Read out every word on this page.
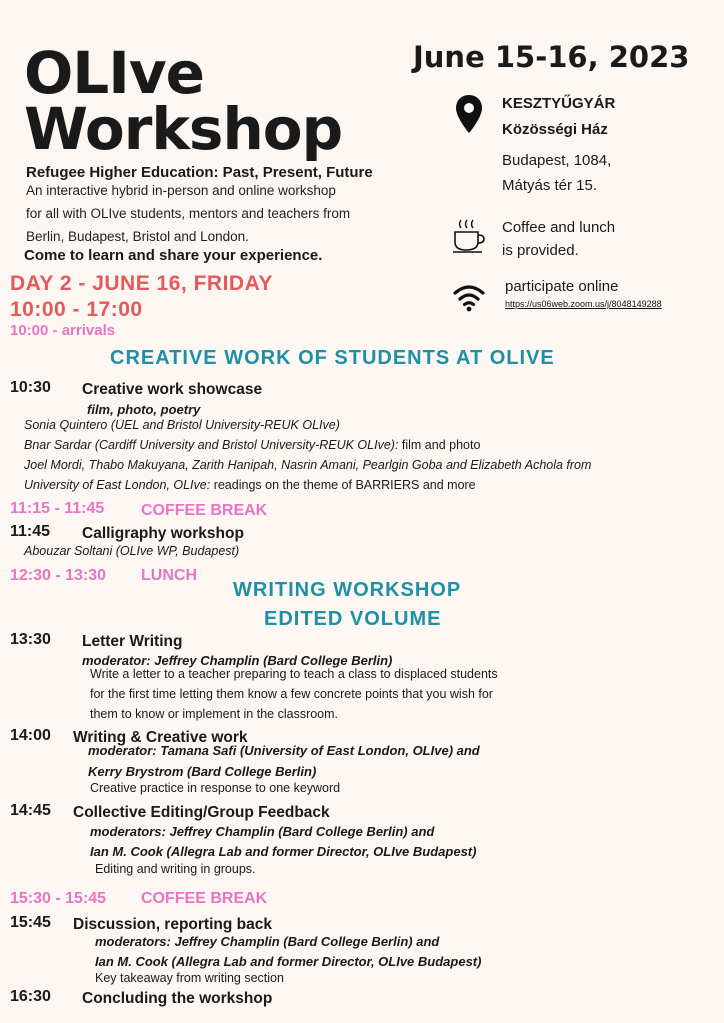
OLIve
Workshop
June 15-16, 2023
Refugee Higher Education: Past, Present, Future
An interactive hybrid in-person and online workshop
for all with OLIve students, mentors and teachers from
Berlin, Budapest, Bristol and London.
Come to learn and share your experience.
KESZTYŰGYÁR
Közösségi Ház
Budapest, 1084,
Mátyás tér 15.
Coffee and lunch
is provided.
participate online
https://us06web.zoom.us/j/8048149288
DAY 2 - JUNE 16, FRIDAY
10:00 - 17:00
10:00 - arrivals
CREATIVE WORK OF STUDENTS AT OLIVE
10:30 Creative work showcase
film, photo, poetry
Sonia Quintero (UEL and Bristol University-REUK OLIve)
Bnar Sardar (Cardiff University and Bristol University-REUK OLIve): film and photo
Joel Mordi, Thabo Makuyana, Zarith Hanipah, Nasrin Amani, Pearlgin Goba and Elizabeth Achola from
University of East London, OLIve: readings on the theme of BARRIERS and more
11:15 - 11:45 COFFEE BREAK
11:45 Calligraphy workshop
Abouzar Soltani (OLIve WP, Budapest)
12:30 - 13:30 LUNCH
WRITING WORKSHOP
EDITED VOLUME
13:30 Letter Writing
moderator: Jeffrey Champlin (Bard College Berlin)
Write a letter to a teacher preparing to teach a class to displaced students
for the first time letting them know a few concrete points that you wish for
them to know or implement in the classroom.
14:00 Writing & Creative work
moderator: Tamana Safi (University of East London, OLIve) and
Kerry Brystrom (Bard College Berlin)
Creative practice in response to one keyword
14:45 Collective Editing/Group Feedback
moderators: Jeffrey Champlin (Bard College Berlin) and
Ian M. Cook (Allegra Lab and former Director, OLIve Budapest)
Editing and writing in groups.
15:30 - 15:45 COFFEE BREAK
15:45 Discussion, reporting back
moderators: Jeffrey Champlin (Bard College Berlin) and
Ian M. Cook (Allegra Lab and former Director, OLIve Budapest)
Key takeaway from writing section
16:30 Concluding the workshop
